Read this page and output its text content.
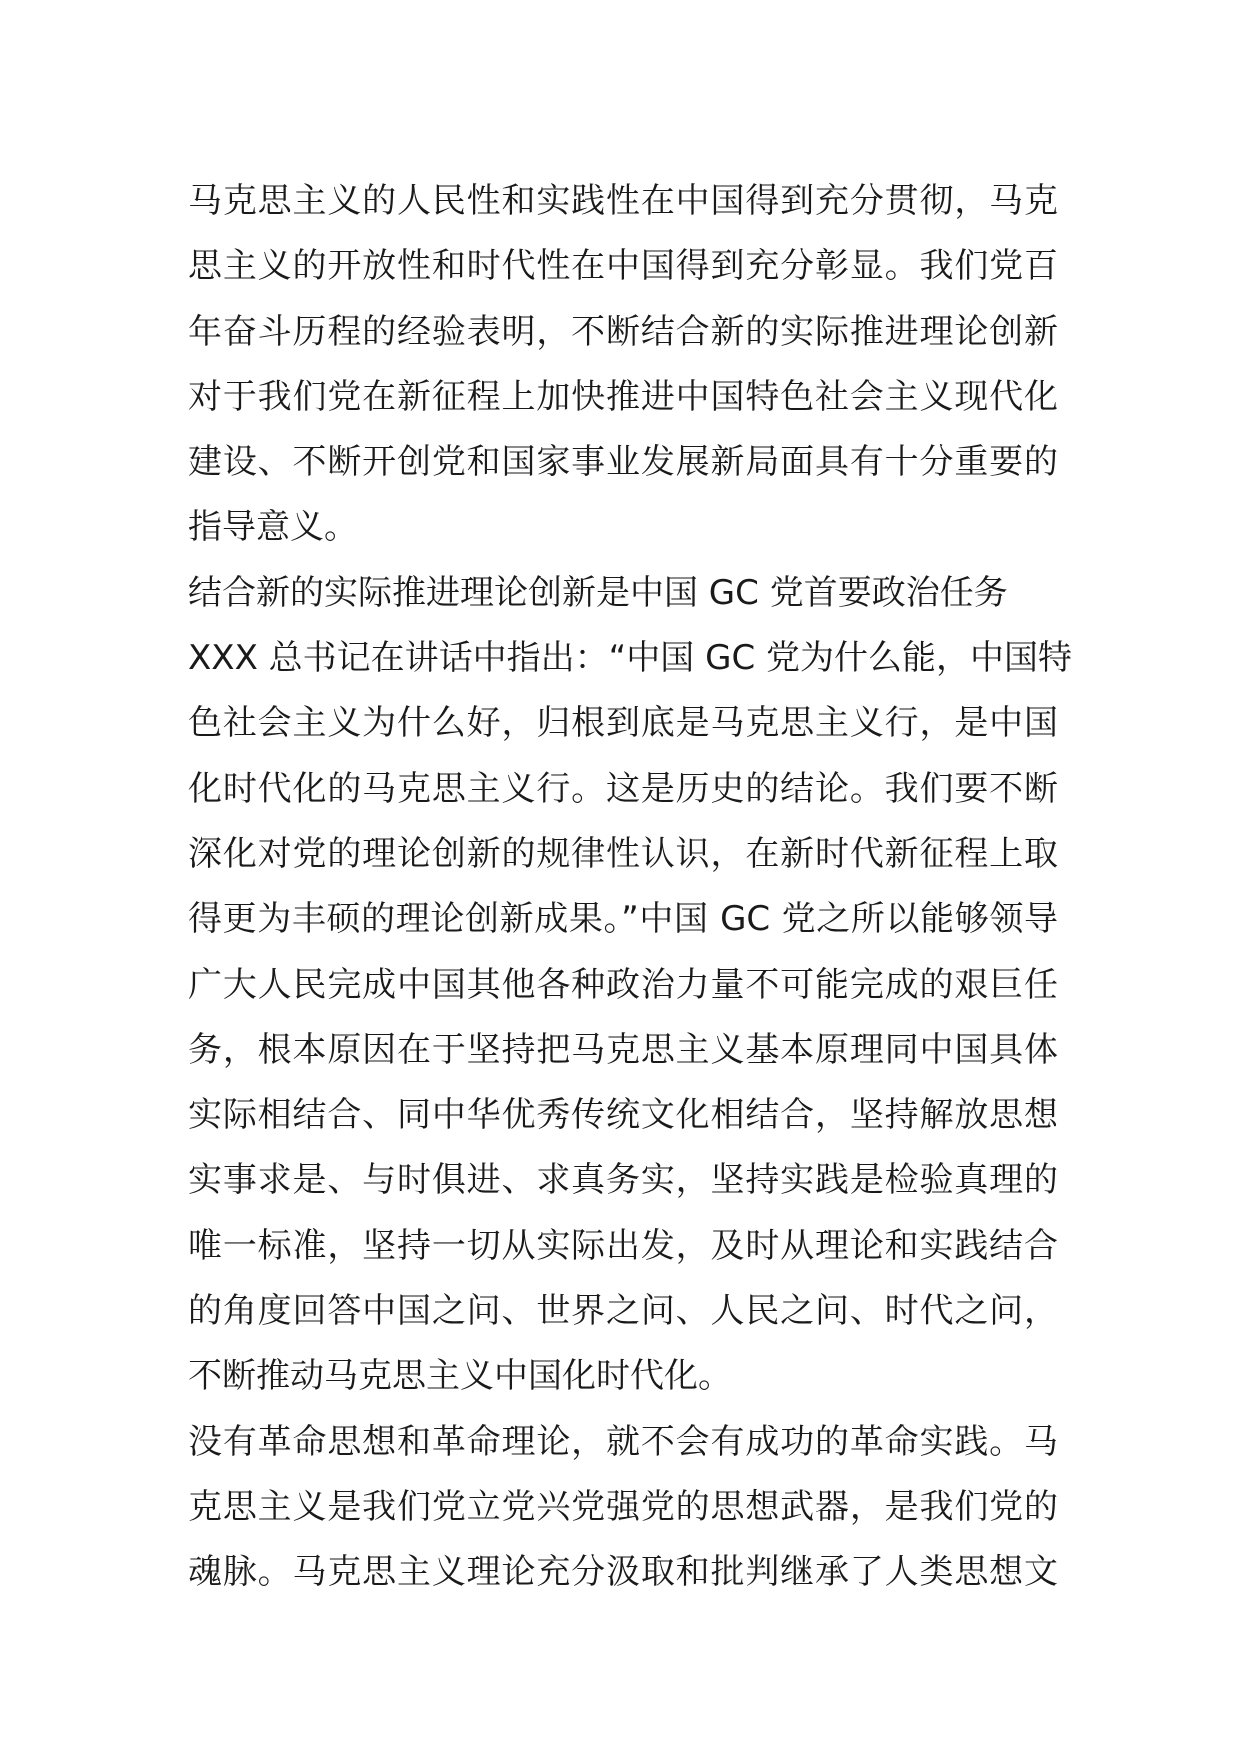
马克思主义的人民性和实践性在中国得到充分贯彻，马克
思主义的开放性和时代性在中国得到充分彰显。我们党百
年奋斗历程的经验表明，不断结合新的实际推进理论创新
对于我们党在新征程上加快推进中国特色社会主义现代化
建设、不断开创党和国家事业发展新局面具有十分重要的
指导意义。
结合新的实际推进理论创新是中国 GC 党首要政治任务
XXX 总书记在讲话中指出：“中国 GC 党为什么能，中国特
色社会主义为什么好，归根到底是马克思主义行，是中国
化时代化的马克思主义行。这是历史的结论。我们要不断
深化对党的理论创新的规律性认识，在新时代新征程上取
得更为丰硕的理论创新成果。”中国 GC 党之所以能够领导
广大人民完成中国其他各种政治力量不可能完成的艰巨任
务，根本原因在于坚持把马克思主义基本原理同中国具体
实际相结合、同中华优秀传统文化相结合，坚持解放思想
实事求是、与时俱进、求真务实，坚持实践是检验真理的
唯一标准，坚持一切从实际出发，及时从理论和实践结合
的角度回答中国之问、世界之问、人民之问、时代之问，
不断推动马克思主义中国化时代化。
没有革命思想和革命理论，就不会有成功的革命实践。马
克思主义是我们党立党兴党强党的思想武器，是我们党的
魂脉。马克思主义理论充分汲取和批判继承了人类思想文
